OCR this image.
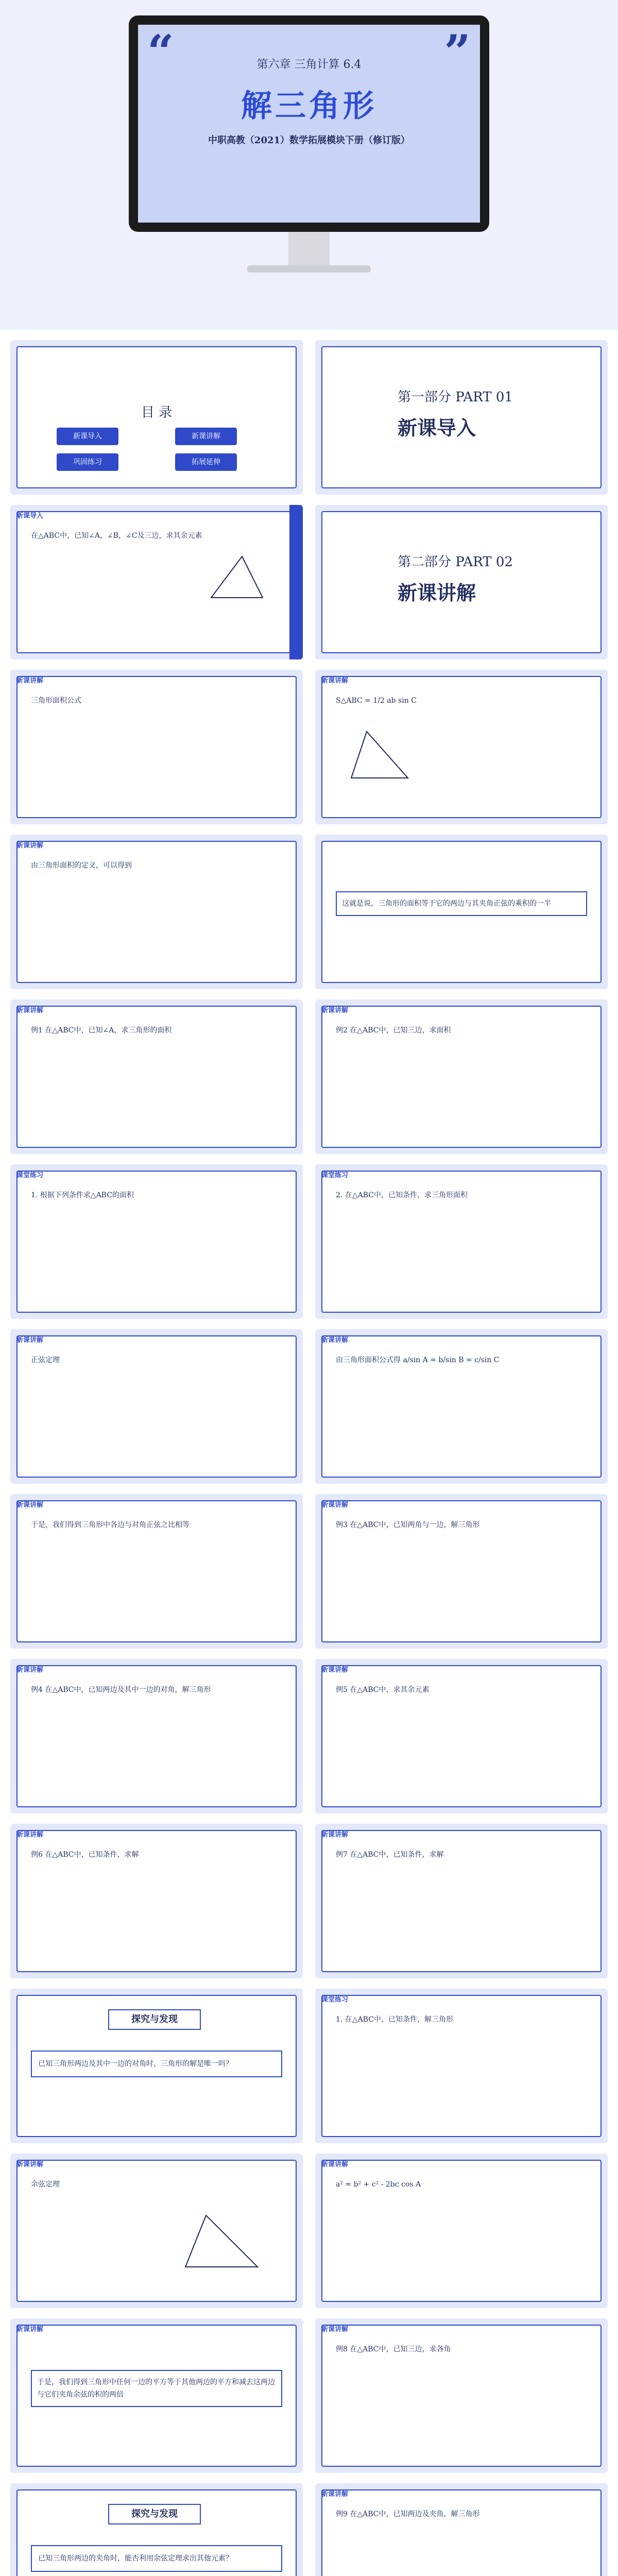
“	”
第六章 三角计算 6.4
解三角形
中职高教（2021）数学拓展模块下册（修订版）
目 录
新课导入	新课讲解
巩固练习	拓展延伸
第一部分 PART 01
新课导入
新课导入
在△ABC中，已知∠A，∠B，∠C及三边，求其余元素
第二部分 PART 02
新课讲解
新课讲解
三角形面积公式
新课讲解
S△ABC = 1/2 ab sin C
新课讲解
由三角形面积的定义，可以得到
这就是说，三角形的面积等于它的两边与其夹角正弦的乘积的一半
新课讲解
例1 在△ABC中，已知∠A，求三角形的面积
新课讲解
例2 在△ABC中，已知三边，求面积
课堂练习
1. 根据下列条件求△ABC的面积
课堂练习
2. 在△ABC中，已知条件，求三角形面积
新课讲解
正弦定理
新课讲解
由三角形面积公式得 a/sin A = b/sin B = c/sin C
新课讲解
于是，我们得到三角形中各边与对角正弦之比相等
新课讲解
例3 在△ABC中，已知两角与一边，解三角形
新课讲解
例4 在△ABC中，已知两边及其中一边的对角，解三角形
新课讲解
例5 在△ABC中，求其余元素
新课讲解
例6 在△ABC中，已知条件，求解
新课讲解
例7 在△ABC中，已知条件，求解
探究与发现
已知三角形两边及其中一边的对角时，三角形的解是唯一吗？
课堂练习
1. 在△ABC中，已知条件，解三角形
新课讲解
余弦定理
新课讲解
a² = b² + c² - 2bc cos A
新课讲解
于是，我们得到三角形中任何一边的平方等于其他两边的平方和减去这两边与它们夹角余弦的积的两倍
新课讲解
例8 在△ABC中，已知三边，求各角
探究与发现
已知三角形两边的夹角时，能否利用余弦定理求出其他元素？
新课讲解
例9 在△ABC中，已知两边及夹角，解三角形
